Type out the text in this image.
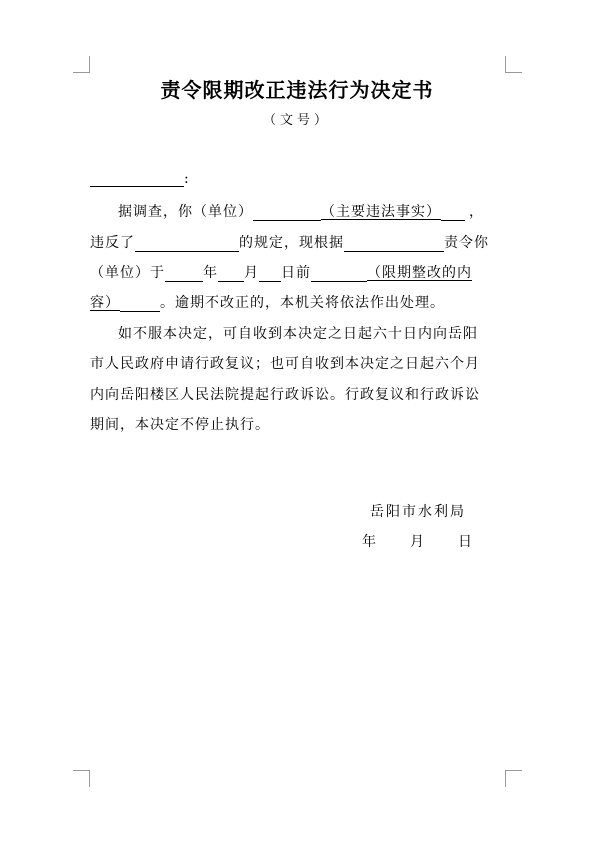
责令限期改正违法行为决定书
（文号）
:
据调查，你（单位）	（主要违法事实） ，
违反了	的规定，现根据	责令你
（单位）于	年 月 日前	（限期整改的内
容）	。逾期不改正的，本机关将依法作出处理。
如不服本决定，可自收到本决定之日起六十日内向岳阳
市人民政府申请行政复议；也可自收到本决定之日起六个月
内向岳阳楼区人民法院提起行政诉讼。行政复议和行政诉讼
期间，本决定不停止执行。
岳阳市水利局
年 月 日
